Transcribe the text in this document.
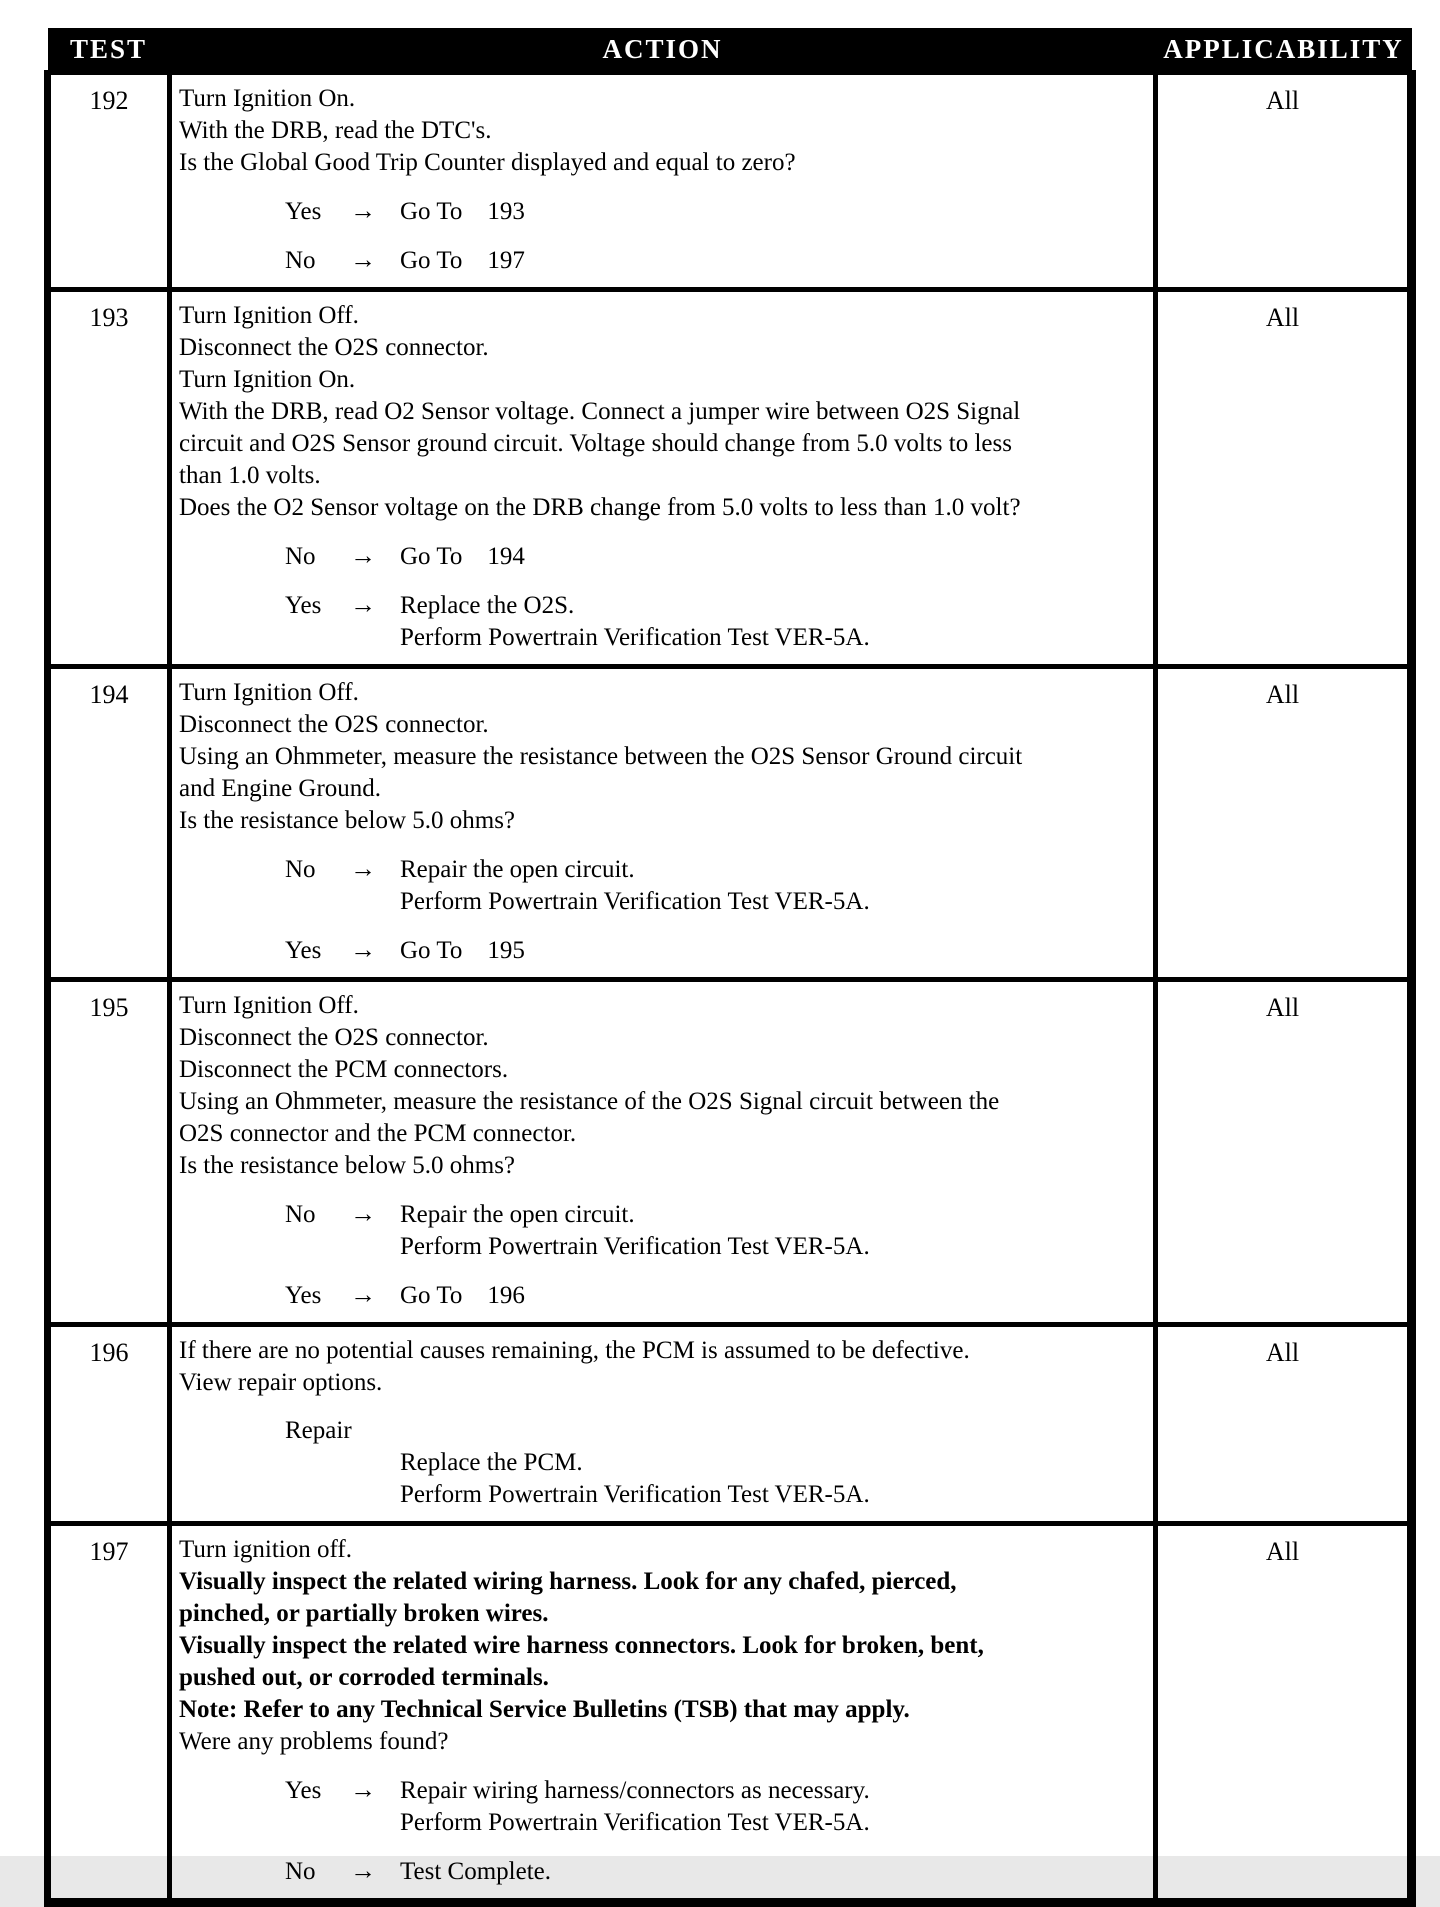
TEST	ACTION	APPLICABILITY
192	Turn Ignition On.
With the DRB, read the DTC's.
Is the Global Good Trip Counter displayed and equal to zero?
Yes	→ Go To    193
No	→ Go To    197
	All
193	Turn Ignition Off.
Disconnect the O2S connector.
Turn Ignition On.
With the DRB, read O2 Sensor voltage. Connect a jumper wire between O2S Signal
circuit and O2S Sensor ground circuit. Voltage should change from 5.0 volts to less
than 1.0 volts.
Does the O2 Sensor voltage on the DRB change from 5.0 volts to less than 1.0 volt?
No	→ Go To    194
Yes	→ Replace the O2S.
Perform Powertrain Verification Test VER-5A.
	All
194	Turn Ignition Off.
Disconnect the O2S connector.
Using an Ohmmeter, measure the resistance between the O2S Sensor Ground circuit
and Engine Ground.
Is the resistance below 5.0 ohms?
No	→ Repair the open circuit.
Perform Powertrain Verification Test VER-5A.
Yes	→ Go To    195
	All
195	Turn Ignition Off.
Disconnect the O2S connector.
Disconnect the PCM connectors.
Using an Ohmmeter, measure the resistance of the O2S Signal circuit between the
O2S connector and the PCM connector.
Is the resistance below 5.0 ohms?
No	→ Repair the open circuit.
Perform Powertrain Verification Test VER-5A.
Yes	→ Go To    196
	All
196	If there are no potential causes remaining, the PCM is assumed to be defective.
View repair options.
Repair
Replace the PCM.
Perform Powertrain Verification Test VER-5A.	All
197	Turn ignition off.
Visually inspect the related wiring harness. Look for any chafed, pierced,
pinched, or partially broken wires.
Visually inspect the related wire harness connectors. Look for broken, bent,
pushed out, or corroded terminals.
Note: Refer to any Technical Service Bulletins (TSB) that may apply.
Were any problems found?
Yes	→ Repair wiring harness/connectors as necessary.
Perform Powertrain Verification Test VER-5A.
No	→ Test Complete.
	All
